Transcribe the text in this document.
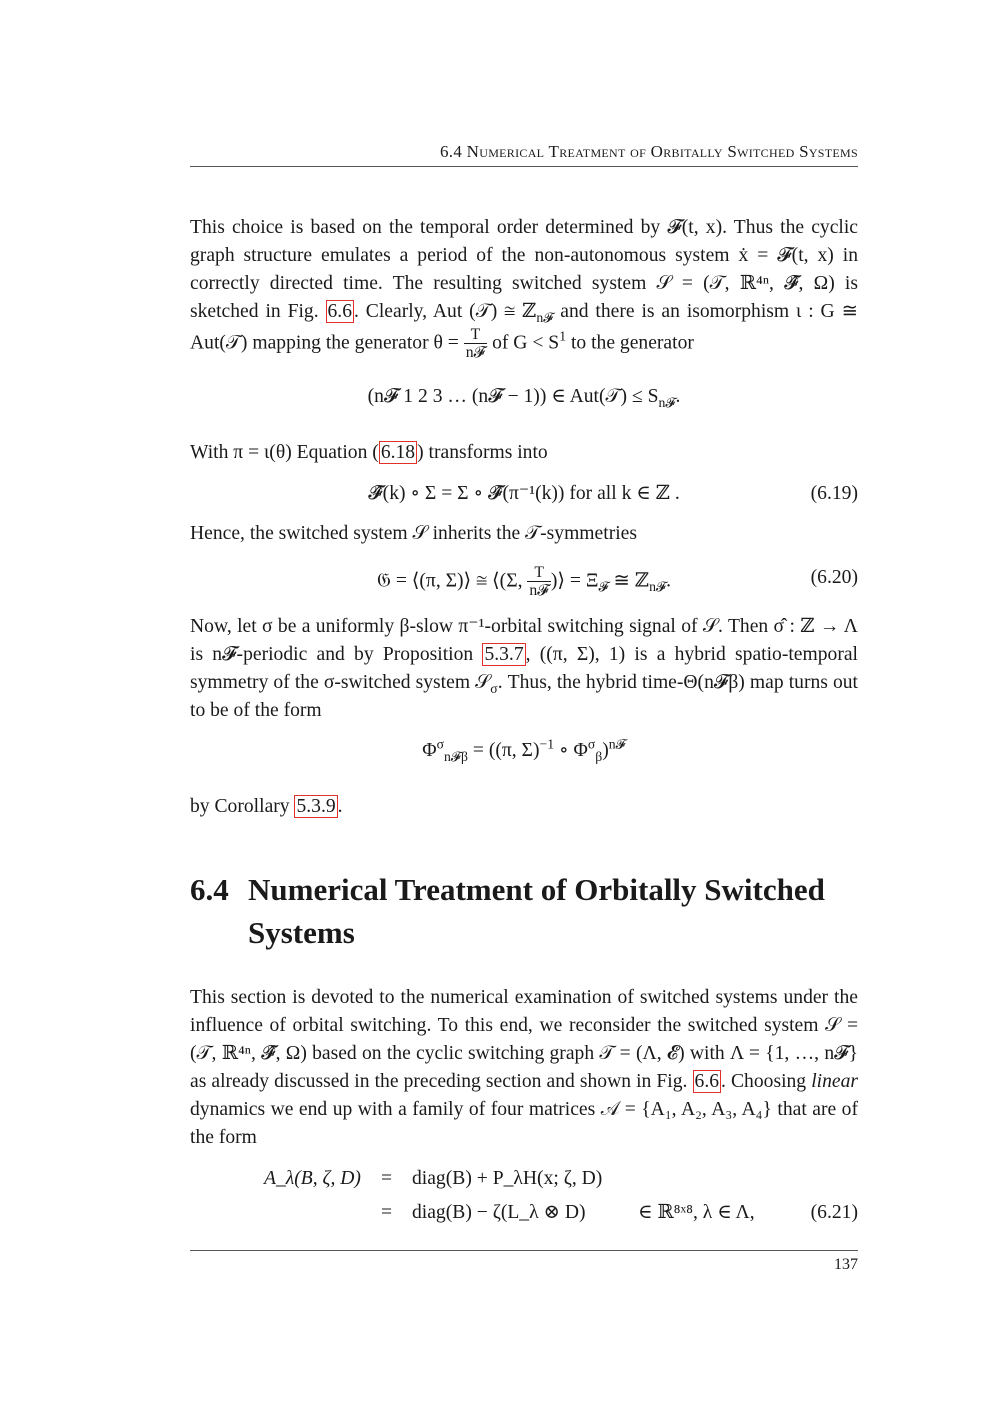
6.4 Numerical Treatment of Orbitally Switched Systems

This choice is based on the temporal order determined by 𝓕(t, x). Thus the cyclic graph structure emulates a period of the non-autonomous system ẋ = 𝓕(t, x) in correctly directed time. The resulting switched system 𝒮 = (𝒯, ℝ⁴ⁿ, 𝓕̂, Ω) is sketched in Fig. 6.6 . Clearly, Aut (𝒯) ≅ ℤ$_{n𝓕}$ and there is an isomorphism ι : G ≅ Aut(𝒯) mapping the generator $\theta = \frac{T}{\text{n𝓕}}$ of $G < S^1$ to the generator

(n𝓕 1 2 3 … (n𝓕 − 1)) ∈ Aut(𝒯) ≤ $S_{n𝓕}$.

With π = ι(θ) Equation ( 6.18 ) transforms into

𝓕̂(k) ∘ Σ = Σ ∘ 𝓕̂(π⁻¹(k)) for all k ∈ ℤ .	(6.19)

Hence, the switched system 𝒮 inherits the 𝒯-symmetries

𝔊 = ⟨(π, Σ)⟩ ≅ ⟨(Σ, $\frac{T}{\text{n𝓕}}$ )⟩ = $\Xi_𝓕$ ≅ ℤ$_{n𝓕}$.	(6.20)

Now, let σ be a uniformly β-slow π⁻¹-orbital switching signal of 𝒮. Then σ̂ : ℤ → Λ is n𝓕-periodic and by Proposition 5.3.7 , ((π, Σ), 1) is a hybrid spatio-temporal symmetry of the σ-switched system 𝒮$_\sigma$. Thus, the hybrid time-Θ(n𝓕β) map turns out to be of the form

$\Phi^\sigma_{n𝓕\beta} = ((\pi$, Σ)$^{-1}$ ∘ $\Phi^\sigma_\beta)^{n𝓕}$

by Corollary 5.3.9 .

6.4 Numerical Treatment of Orbitally Switched Systems

This section is devoted to the numerical examination of switched systems under the influence of orbital switching. To this end, we reconsider the switched system 𝒮 = (𝒯, ℝ⁴ⁿ, 𝓕̂, Ω) based on the cyclic switching graph 𝒯 = (Λ, 𝓔) with Λ = {1, …, n𝓕} as already discussed in the preceding section and shown in Fig. 6.6 . Choosing linear dynamics we end up with a family of four matrices 𝒜 = {A₁, A₂, A₃, A₄} that are of the form

A_λ(B, ζ, D) = diag(B) + P_λH(x; ζ, D)
= diag(B) − ζ(L_λ ⊗ D)	∈ ℝ⁸ˣ⁸, λ ∈ Λ,	(6.21)
137
